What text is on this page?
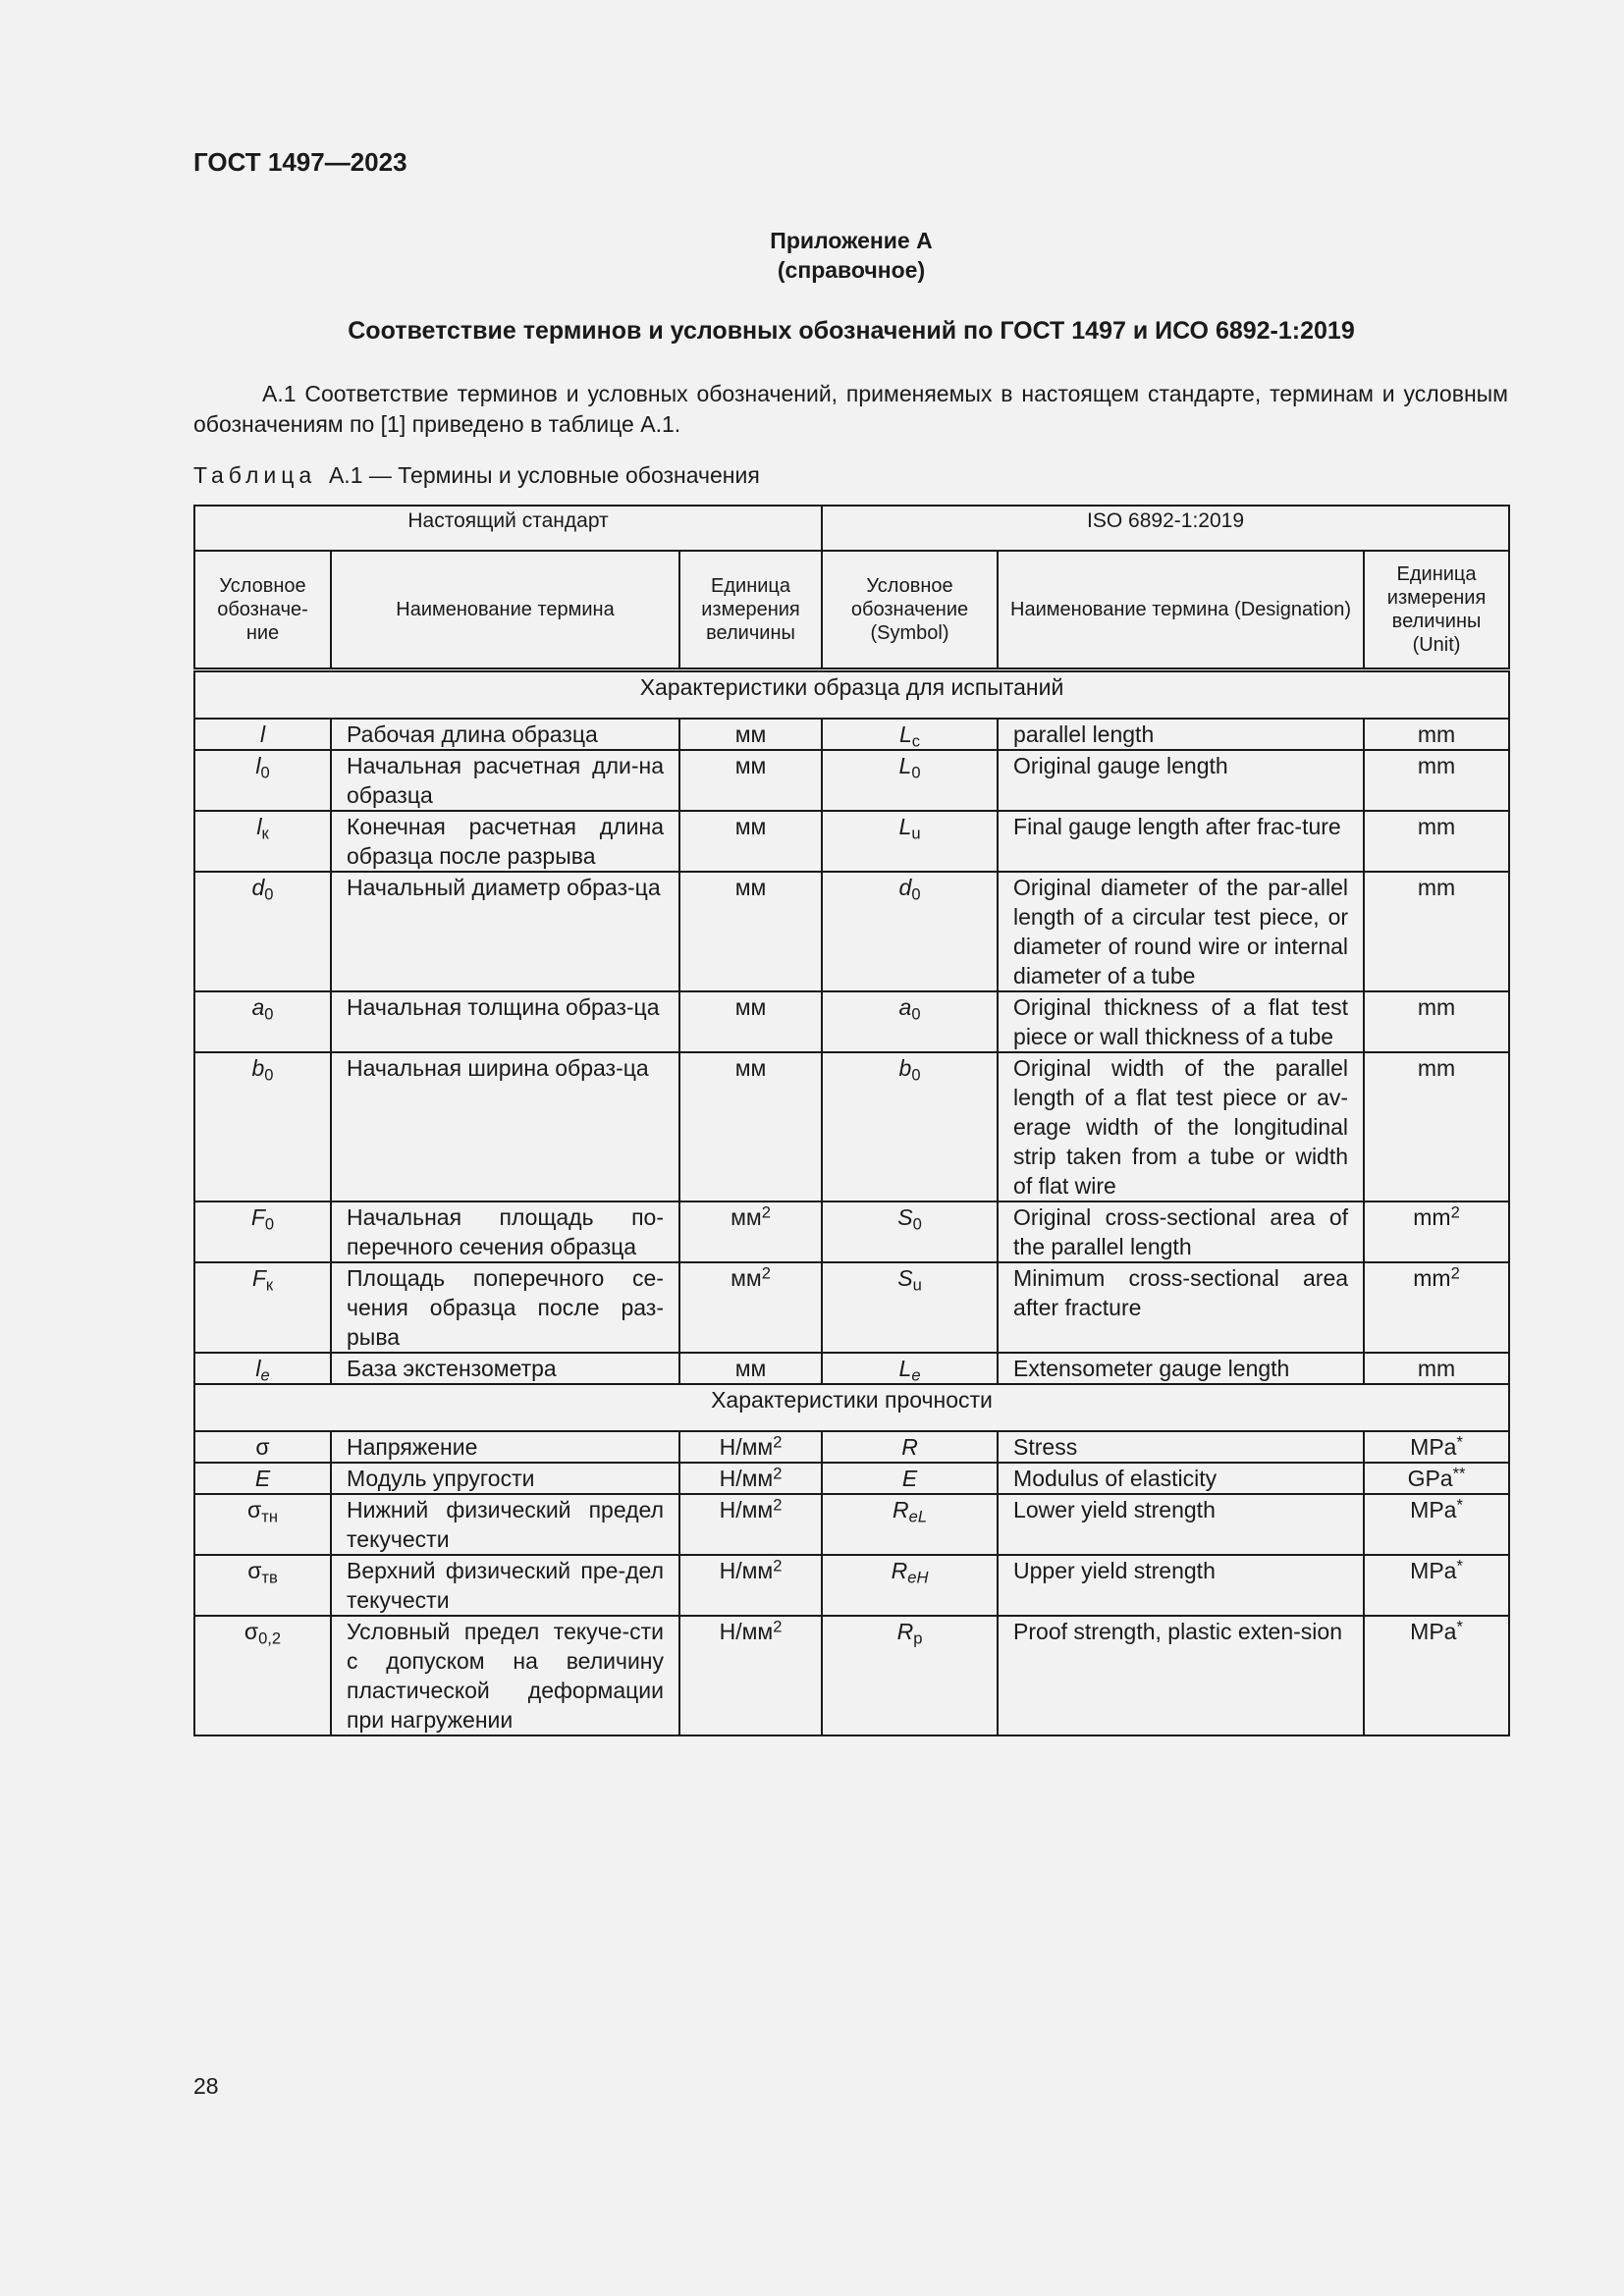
ГОСТ 1497—2023
Приложение А
(справочное)
Соответствие терминов и условных обозначений по ГОСТ 1497 и ИСО 6892-1:2019

А.1 Соответствие терминов и условных обозначений, применяемых в настоящем стандарте, терминам и условным обозначениям по [1] приведено в таблице А.1.

Таблица А.1 — Термины и условные обозначения
Настоящий стандарт			ISO 6892-1:2019		
Условное обозначе-ние	Наименование термина	Единица измерения величины	Условное обозначение (Symbol)	Наименование термина (Designation)	Единица измерения величины (Unit)
Характеристики образца для испытаний					
l	Рабочая длина образца	мм	$L_c$	parallel length	mm
$l_0$	Начальная расчетная дли-на образца	мм	$L_0$	Original gauge length	mm
$l_к$	Конечная расчетная длина образца после разрыва	мм	$L_u$	Final gauge length after frac-ture	mm
$d_0$	Начальный диаметр образ-ца	мм	$d_0$	Original diameter of the par-allel length of a circular test piece, or diameter of round wire or internal diameter of a tube	mm
$a_0$	Начальная толщина образ-ца	мм	$a_0$	Original thickness of a flat test piece or wall thickness of a tube	mm
$b_0$	Начальная ширина образ-ца	мм	$b_0$	Original width of the parallel length of a flat test piece or av-erage width of the longitudinal strip taken from a tube or width of flat wire	mm
$F_0$	Начальная площадь по-перечного сечения образца	$мм^2$	$S_0$	Original cross-sectional area of the parallel length	$mm^2$
$F_к$	Площадь поперечного се-чения образца после раз-рыва	$мм^2$	$S_u$	Minimum cross-sectional area after fracture	$mm^2$
$l_e$	База экстензометра	мм	$L_e$	Extensometer gauge length	mm
Характеристики прочности					
σ	Напряжение	$Н/мм^2$	R	Stress	MPa*
E	Модуль упругости	$Н/мм^2$	E	Modulus of elasticity	GPa**
$\sigma_{тн}$	Нижний физический предел текучести	$Н/мм^2$	$R_{eL}$	Lower yield strength	MPa*
$\sigma_{тв}$	Верхний физический пре-дел текучести	$Н/мм^2$	$R_{eH}$	Upper yield strength	MPa*
$\sigma_{0,2}$	Условный предел текуче-сти с допуском на величину пластической деформации при нагружении	$Н/мм^2$	$R_p$	Proof strength, plastic exten-sion	MPa*
28
